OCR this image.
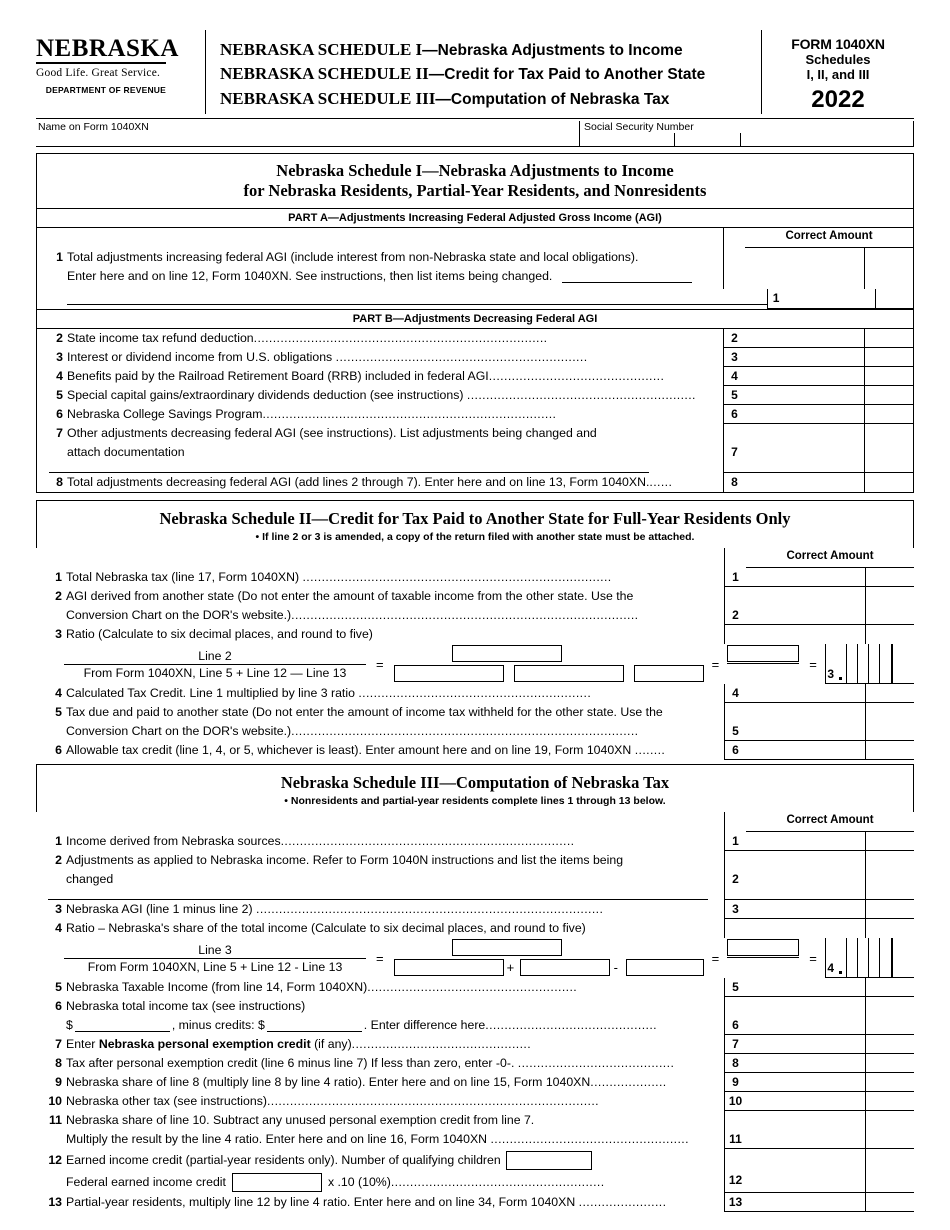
NEBRASKA
Good Life. Great Service.
DEPARTMENT OF REVENUE
NEBRASKA SCHEDULE I—Nebraska Adjustments to Income
NEBRASKA SCHEDULE II—Credit for Tax Paid to Another State
NEBRASKA SCHEDULE III—Computation of Nebraska Tax
FORM 1040XN
Schedules
I, II, and III
2022
Name on Form 1040XN	Social Security Number
Nebraska Schedule I—Nebraska Adjustments to Income
for Nebraska Residents, Partial-Year Residents, and Nonresidents
PART A—Adjustments Increasing Federal Adjusted Gross Income (AGI)
Correct Amount
1 Total adjustments increasing federal AGI (include interest from non-Nebraska state and local obligations).
Enter here and on line 12, Form 1040XN. See instructions, then list items being changed.
1
PART B—Adjustments Decreasing Federal AGI
2 State income tax refund deduction.............................................................................	2
3 Interest or dividend income from U.S. obligations ..................................................................	3
4 Benefits paid by the Railroad Retirement Board (RRB) included in federal AGI..............................................	4
5 Special capital gains/extraordinary dividends deduction (see instructions) ............................................................	5
6 Nebraska College Savings Program.............................................................................	6
7 Other adjustments decreasing federal AGI (see instructions). List adjustments being changed and
attach documentation	7
8 Total adjustments decreasing federal AGI (add lines 2 through 7). Enter here and on line 13, Form 1040XN.......	8
Nebraska Schedule II—Credit for Tax Paid to Another State for Full-Year Residents Only
• If line 2 or 3 is amended, a copy of the return filed with another state must be attached.
Correct Amount
1 Total Nebraska tax (line 17, Form 1040XN) .................................................................................	1
2 AGI derived from another state (Do not enter the amount of taxable income from the other state. Use the
Conversion Chart on the DOR's website.)...........................................................................................	2
3 Ratio (Calculate to six decimal places, and round to five)
$\frac{\text{Line 2}}{\text{From Form 1040XN, Line 5 + Line 12 — Line 13}}$ =	=	=
3
4 Calculated Tax Credit. Line 1 multiplied by line 3 ratio .............................................................	4
5 Tax due and paid to another state (Do not enter the amount of income tax withheld for the other state. Use the
Conversion Chart on the DOR's website.)...........................................................................................	5
6 Allowable tax credit (line 1, 4, or 5, whichever is least). Enter amount here and on line 19, Form 1040XN ........	6
Nebraska Schedule III—Computation of Nebraska Tax
• Nonresidents and partial-year residents complete lines 1 through 13 below.
Correct Amount
1 Income derived from Nebraska sources.............................................................................	1
2 Adjustments as applied to Nebraska income. Refer to Form 1040N instructions and list the items being
changed	2
3 Nebraska AGI (line 1 minus line 2) ...........................................................................................	3
4 Ratio – Nebraska's share of the total income (Calculate to six decimal places, and round to five)
$\frac{\text{Line 3}}{\text{From Form 1040XN, Line 5 + Line 12 - Line 13}}$ =
+	-
=	=
4
5 Nebraska Taxable Income (from line 14, Form 1040XN).......................................................	5
6 Nebraska total income tax (see instructions)
$	, minus credits: $	. Enter difference here.............................................	6
7 Enter Nebraska personal exemption credit (if any)...............................................	7
8 Tax after personal exemption credit (line 6 minus line 7) If less than zero, enter -0-. .........................................	8
9 Nebraska share of line 8 (multiply line 8 by line 4 ratio). Enter here and on line 15, Form 1040XN....................	9
10 Nebraska other tax (see instructions).......................................................................................	10
11 Nebraska share of line 10. Subtract any unused personal exemption credit from line 7.
Multiply the result by the line 4 ratio. Enter here and on line 16, Form 1040XN ....................................................	11
12 Earned income credit (partial-year residents only). Number of qualifying children
Federal earned income credit	x .10 (10%)........................................................	12
13 Partial-year residents, multiply line 12 by line 4 ratio. Enter here and on line 34, Form 1040XN .......................	13
